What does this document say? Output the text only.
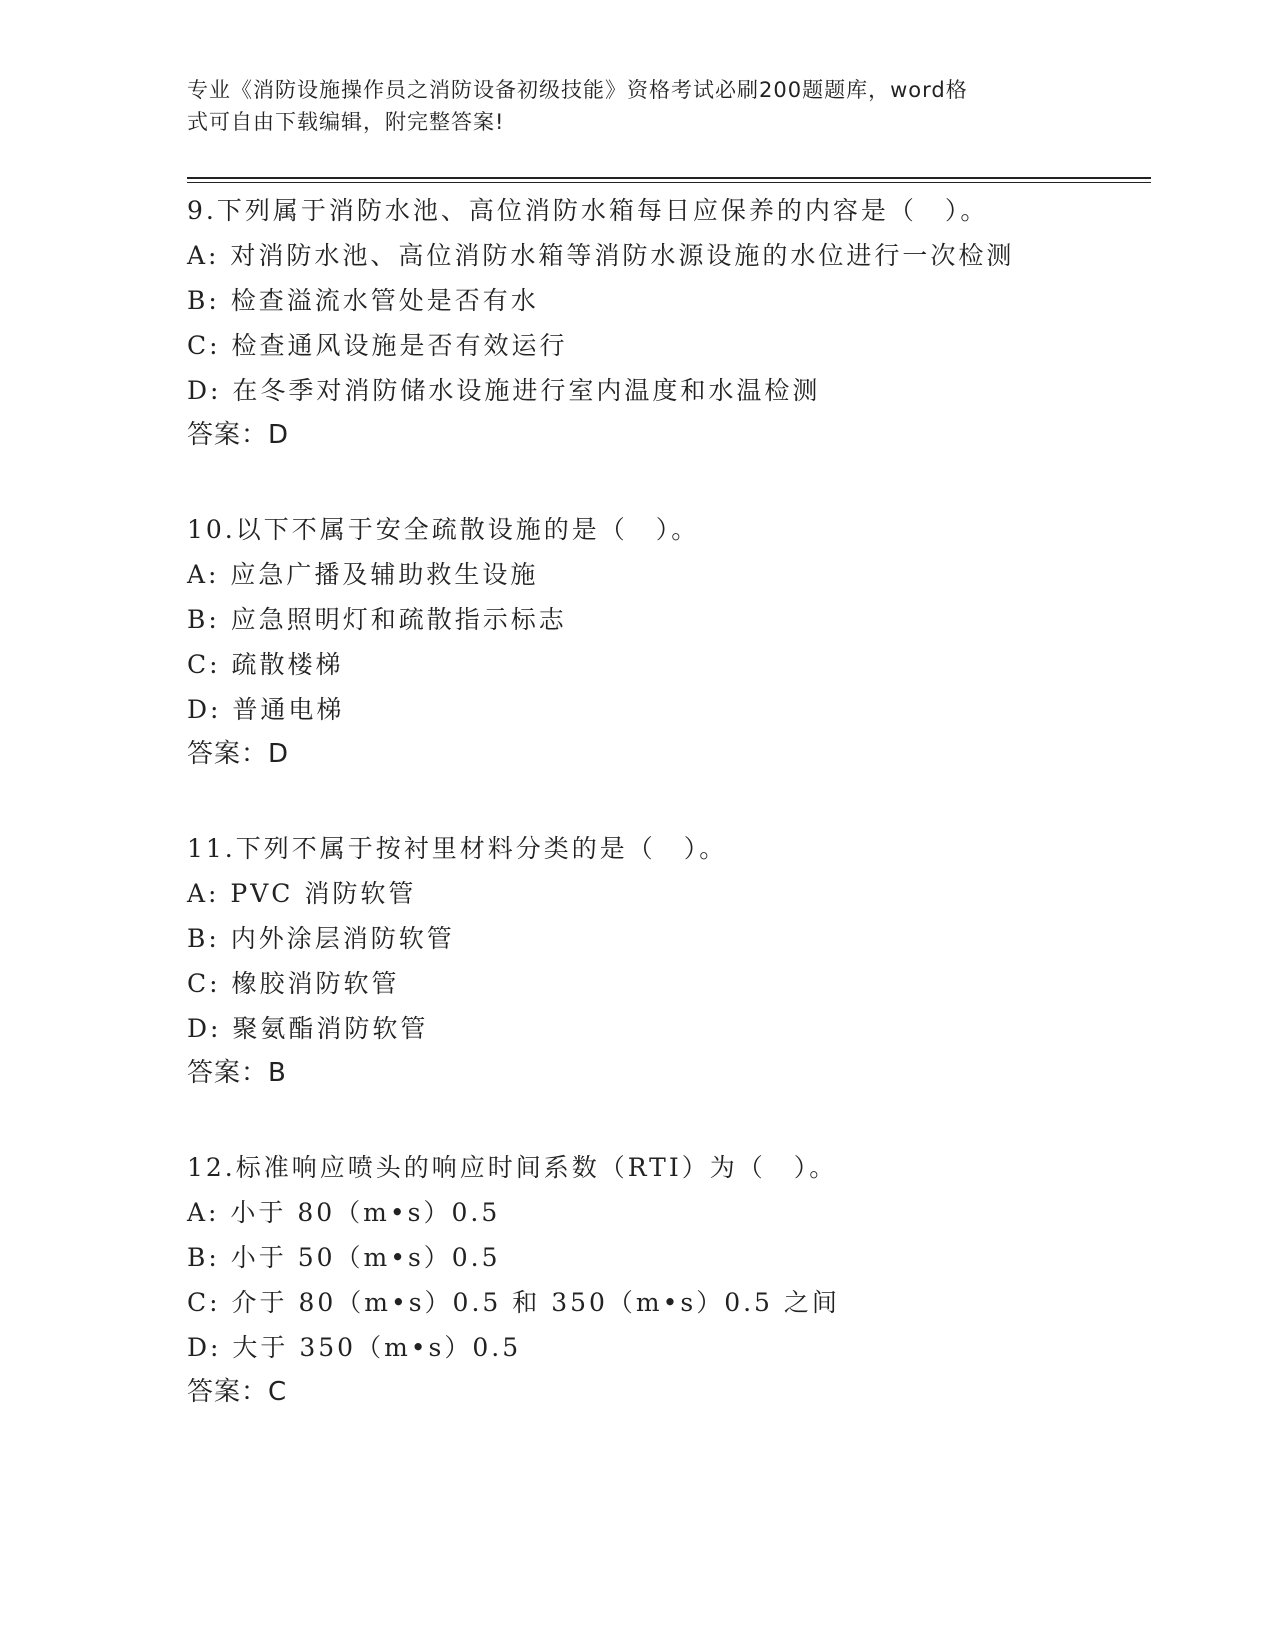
专业《消防设施操作员之消防设备初级技能》资格考试必刷200题题库，word格
式可自由下载编辑，附完整答案!
9.下列属于消防水池、高位消防水箱每日应保养的内容是（　）。
A: 对消防水池、高位消防水箱等消防水源设施的水位进行一次检测
B: 检查溢流水管处是否有水
C: 检查通风设施是否有效运行
D: 在冬季对消防储水设施进行室内温度和水温检测
答案：D
10.以下不属于安全疏散设施的是（　）。
A: 应急广播及辅助救生设施
B: 应急照明灯和疏散指示标志
C: 疏散楼梯
D: 普通电梯
答案：D
11.下列不属于按衬里材料分类的是（　）。
A: PVC 消防软管
B: 内外涂层消防软管
C: 橡胶消防软管
D: 聚氨酯消防软管
答案：B
12.标准响应喷头的响应时间系数（RTI）为（　）。
A: 小于 80（m•s）0.5
B: 小于 50（m•s）0.5
C: 介于 80（m•s）0.5 和 350（m•s）0.5 之间
D: 大于 350（m•s）0.5
答案：C
